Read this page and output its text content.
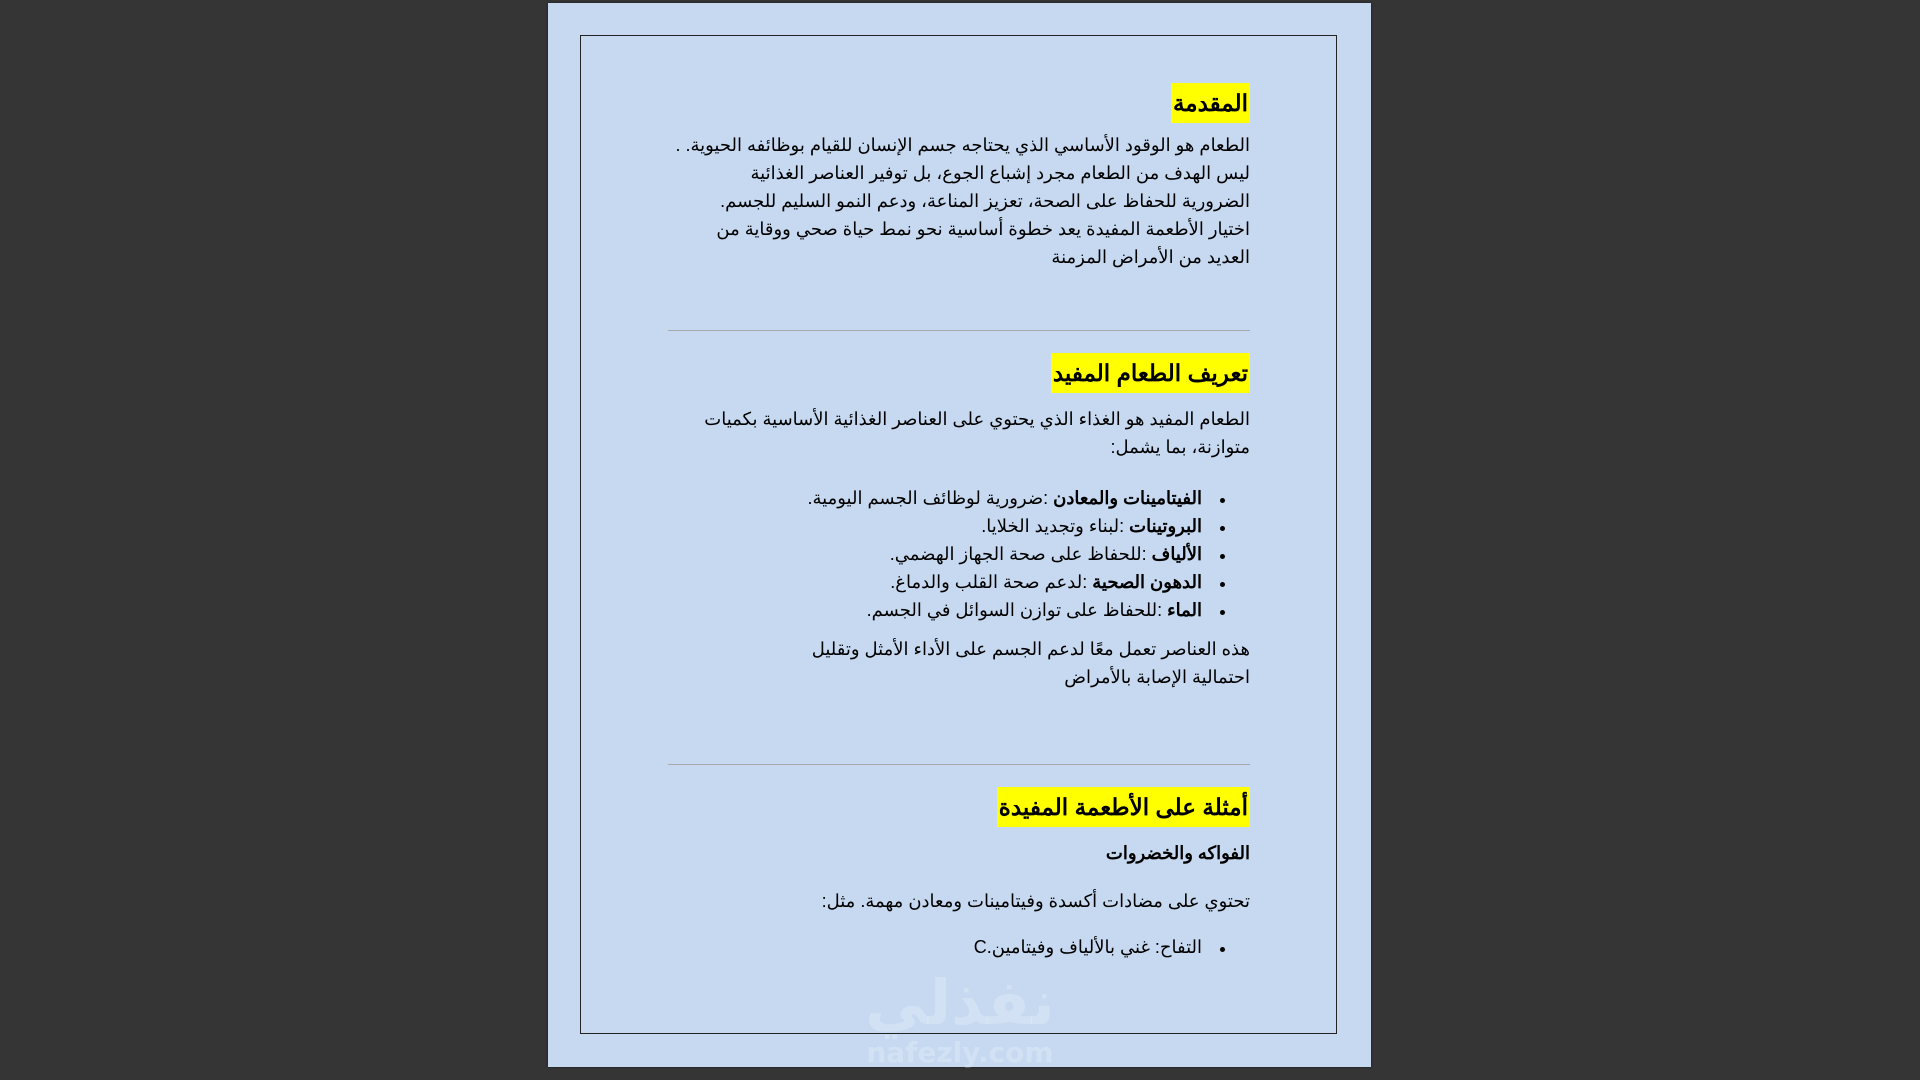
المقدمة
الطعام هو الوقود الأساسي الذي يحتاجه جسم الإنسان للقيام بوظائفه الحيوية. .
ليس الهدف من الطعام مجرد إشباع الجوع، بل توفير العناصر الغذائية
الضرورية للحفاظ على الصحة، تعزيز المناعة، ودعم النمو السليم للجسم.
اختيار الأطعمة المفيدة يعد خطوة أساسية نحو نمط حياة صحي ووقاية من
العديد من الأمراض المزمنة
تعريف الطعام المفيد
الطعام المفيد هو الغذاء الذي يحتوي على العناصر الغذائية الأساسية بكميات
متوازنة، بما يشمل:
الفيتامينات والمعادن :ضرورية لوظائف الجسم اليومية.
البروتينات :لبناء وتجديد الخلايا.
الألياف :للحفاظ على صحة الجهاز الهضمي.
الدهون الصحية :لدعم صحة القلب والدماغ.
الماء :للحفاظ على توازن السوائل في الجسم.
هذه العناصر تعمل معًا لدعم الجسم على الأداء الأمثل وتقليل
احتمالية الإصابة بالأمراض
أمثلة على الأطعمة المفيدة
الفواكه والخضروات
تحتوي على مضادات أكسدة وفيتامينات ومعادن مهمة. مثل:
التفاح: غني بالألياف وفيتامين.C
نفذلي
nafezly.com
